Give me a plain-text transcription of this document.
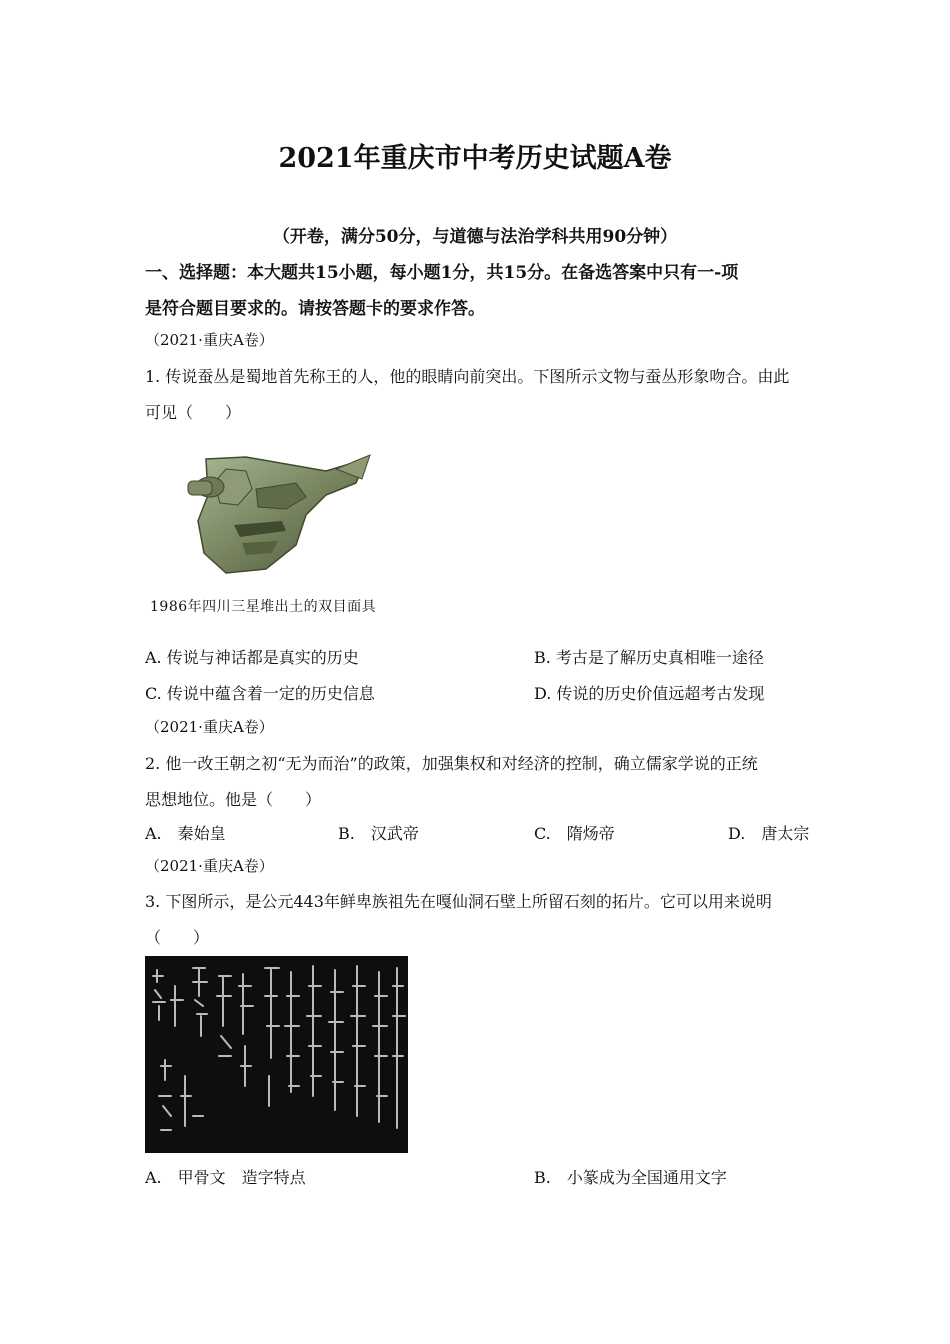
2021年重庆市中考历史试题A卷
（开卷，满分50分，与道德与法治学科共用90分钟）
一、选择题：本大题共15小题，每小题1分，共15分。在备选答案中只有一-项
是符合题目要求的。请按答题卡的要求作答。
（2021·重庆A卷）
1. 传说蚕丛是蜀地首先称王的人，他的眼睛向前突出。下图所示文物与蚕丛形象吻合。由此
可见（　　）
1986年四川三星堆出土的双目面具
A. 传说与神话都是真实的历史	B. 考古是了解历史真相唯一途径
C. 传说中蕴含着一定的历史信息	D. 传说的历史价值远超考古发现
（2021·重庆A卷）
2. 他一改王朝之初“无为而治”的政策，加强集权和对经济的控制，确立儒家学说的正统
思想地位。他是（　　）
A.　秦始皇	B.　汉武帝	C.　隋炀帝	D.　唐太宗
（2021·重庆A卷）
3. 下图所示，是公元443年鲜卑族祖先在嘎仙洞石壁上所留石刻的拓片。它可以用来说明
（　　）
A.　甲骨文　造字特点	B.　小篆成为全国通用文字
